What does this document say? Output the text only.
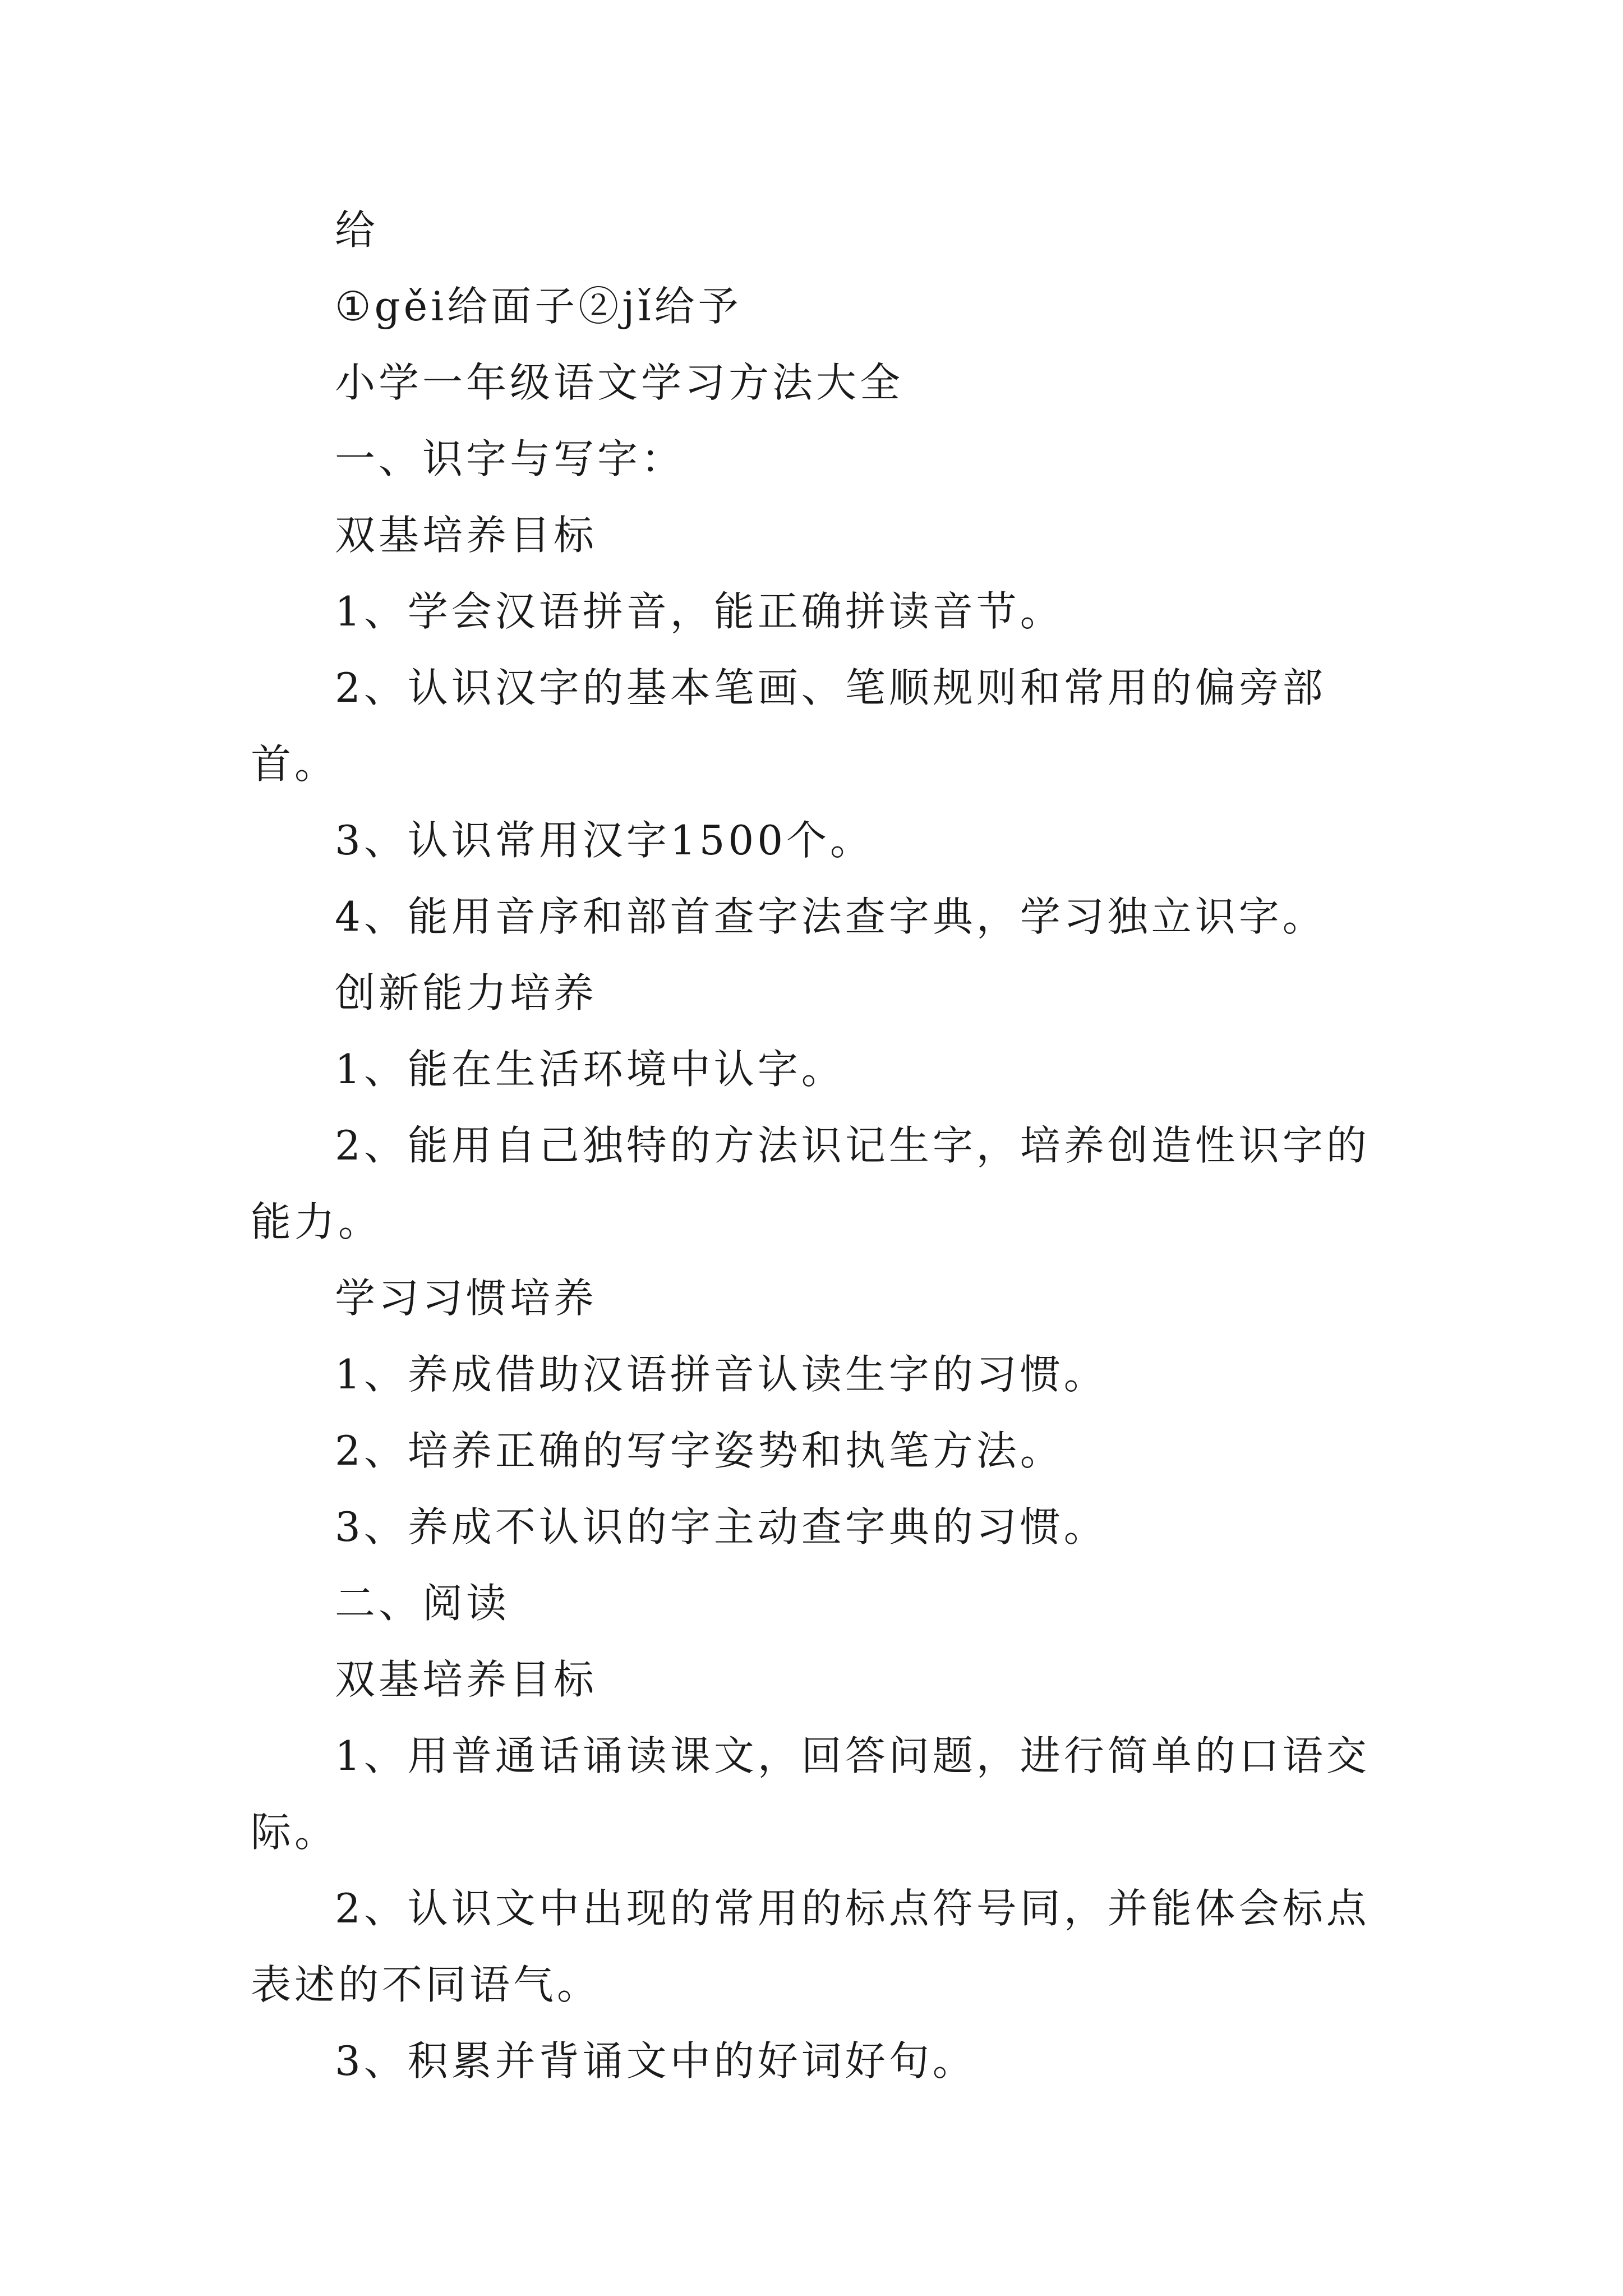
给

①gěi给面子②jǐ给予

小学一年级语文学习方法大全

一、识字与写字：

双基培养目标

1、学会汉语拼音，能正确拼读音节。

2、认识汉字的基本笔画、笔顺规则和常用的偏旁部首。

3、认识常用汉字1500个。

4、能用音序和部首查字法查字典，学习独立识字。

创新能力培养

1、能在生活环境中认字。

2、能用自己独特的方法识记生字，培养创造性识字的能力。

学习习惯培养

1、养成借助汉语拼音认读生字的习惯。

2、培养正确的写字姿势和执笔方法。

3、养成不认识的字主动查字典的习惯。

二、阅读

双基培养目标

1、用普通话诵读课文，回答问题，进行简单的口语交际。

2、认识文中出现的常用的标点符号同，并能体会标点表述的不同语气。

3、积累并背诵文中的好词好句。
